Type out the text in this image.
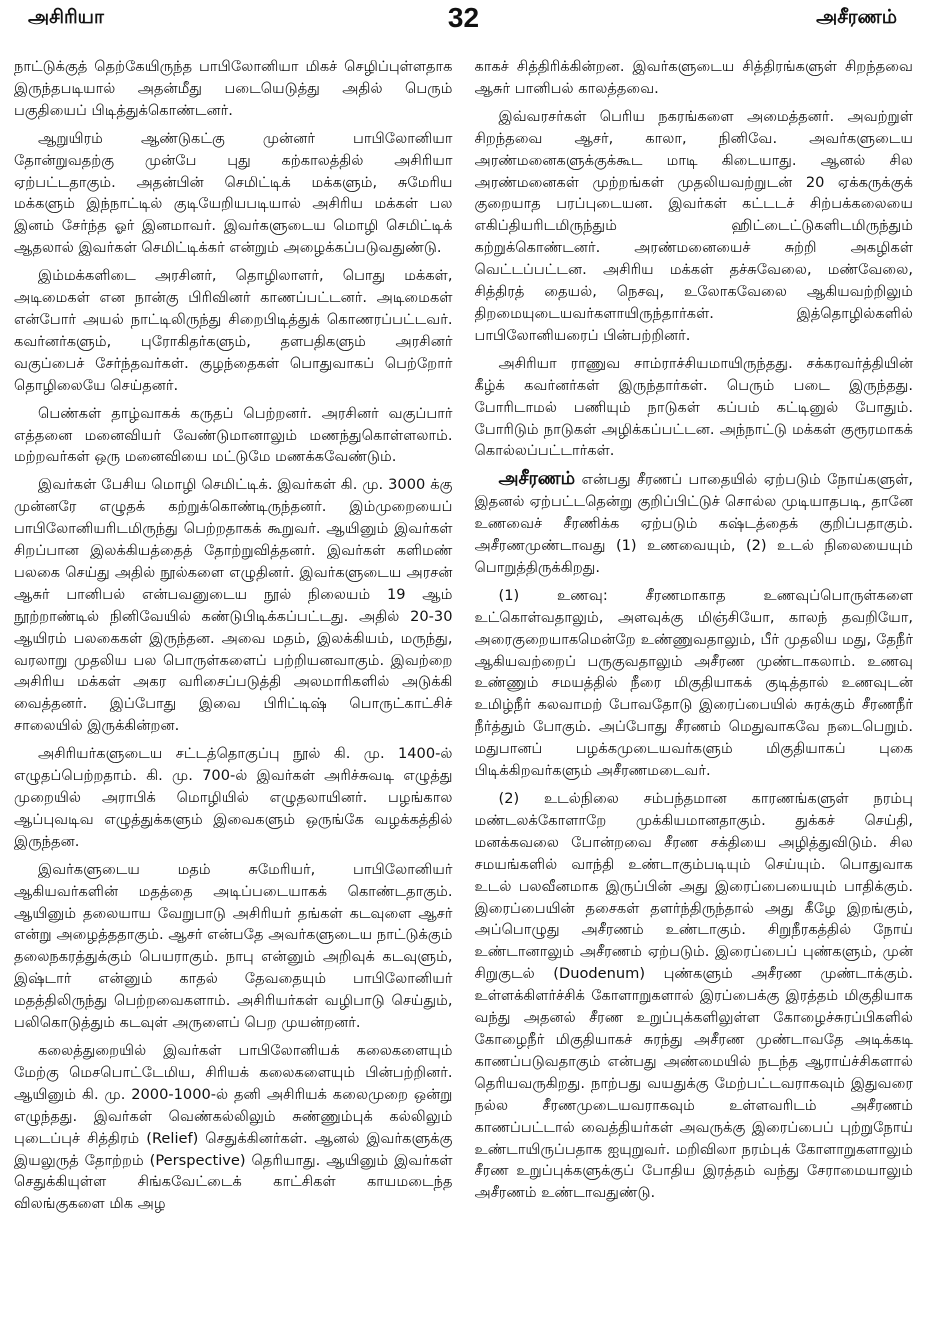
அசிரியா	32	அசீரணம்

நாட்டுக்குத் தெற்கேயிருந்த பாபிலோனியா மிகச் செழிப்புள்ளதாக இருந்தபடியால் அதன்மீது படையெடுத்து அதில் பெரும் பகுதியைப் பிடித்துக்கொண்டனர்.

ஆறுயிரம் ஆண்டுகட்கு முன்னர் பாபிலோனியா தோன்றுவதற்கு முன்பே புது கற்காலத்தில் அசிரியா ஏற்பட்டதாகும். அதன்பின் செமிட்டிக் மக்களும், சுமேரிய மக்களும் இந்நாட்டில் குடியேறியபடியால் அசிரிய மக்கள் பல இனம் சேர்ந்த ஓர் இனமாவர். இவர்களுடைய மொழி செமிட்டிக் ஆதலால் இவர்கள் செமிட்டிக்கர் என்றும் அழைக்கப்படுவதுண்டு.

இம்மக்களிடை அரசினர், தொழிலாளர், பொது மக்கள், அடிமைகள் என நான்கு பிரிவினர் காணப்பட்டனர். அடிமைகள் என்போர் அயல் நாட்டிலிருந்து சிறைபிடித்துக் கொணரப்பட்டவர். கவர்னர்களும், புரோகிதர்களும், தளபதிகளும் அரசினர் வகுப்பைச் சேர்ந்தவர்கள். குழந்தைகள் பொதுவாகப் பெற்றோர் தொழிலையே செய்தனர்.

பெண்கள் தாழ்வாகக் கருதப் பெற்றனர். அரசினர் வகுப்பார் எத்தனை மனைவியர் வேண்டுமானாலும் மணந்துகொள்ளலாம். மற்றவர்கள் ஒரு மனைவியை மட்டுமே மணக்கவேண்டும்.

இவர்கள் பேசிய மொழி செமிட்டிக். இவர்கள் கி. மு. 3000 க்கு முன்னரே எழுதக் கற்றுக்கொண்டிருந்தனர். இம்முறையைப் பாபிலோனியரிடமிருந்து பெற்றதாகக் கூறுவர். ஆயினும் இவர்கள் சிறப்பான இலக்கியத்தைத் தோற்றுவித்தனர். இவர்கள் களிமண் பலகை செய்து அதில் நூல்களை எழுதினர். இவர்களுடைய அரசன் ஆசுர் பானிபல் என்பவனுடைய நூல் நிலையம் 19 ஆம் நூற்றாண்டில் நினிவேயில் கண்டுபிடிக்கப்பட்டது. அதில் 20-30 ஆயிரம் பலகைகள் இருந்தன. அவை மதம், இலக்கியம், மருந்து, வரலாறு முதலிய பல பொருள்களைப் பற்றியனவாகும். இவற்றை அசிரிய மக்கள் அகர வரிசைப்படுத்தி அலமாரிகளில் அடுக்கி வைத்தனர். இப்போது இவை பிரிட்டிஷ் பொருட்காட்சிச் சாலையில் இருக்கின்றன.

அசிரியர்களுடைய சட்டத்தொகுப்பு நூல் கி. மு. 1400-ல் எழுதப்பெற்றதாம். கி. மு. 700-ல் இவர்கள் அரிச்சுவடி எழுத்து முறையில் அராபிக் மொழியில் எழுதலாயினர். பழங்கால ஆப்புவடிவ எழுத்துக்களும் இவைகளும் ஒருங்கே வழக்கத்தில் இருந்தன.

இவர்களுடைய மதம் சுமேரியர், பாபிலோனியர் ஆகியவர்களின் மதத்தை அடிப்படையாகக் கொண்டதாகும். ஆயினும் தலையாய வேறுபாடு அசிரியர் தங்கள் கடவுளை ஆசர் என்று அழைத்ததாகும். ஆசர் என்பதே அவர்களுடைய நாட்டுக்கும் தலைநகரத்துக்கும் பெயராகும். நாபு என்னும் அறிவுக் கடவுளும், இஷ்டார் என்னும் காதல் தேவதையும் பாபிலோனியர் மதத்திலிருந்து பெற்றவைகளாம். அசிரியர்கள் வழிபாடு செய்தும், பலிகொடுத்தும் கடவுள் அருளைப் பெற முயன்றனர்.

கலைத்துறையில் இவர்கள் பாபிலோனியக் கலைகளையும் மேற்கு மெசபொட்டேமிய, சிரியக் கலைகளையும் பின்பற்றினர். ஆயினும் கி. மு. 2000-1000-ல் தனி அசிரியக் கலைமுறை ஒன்று எழுந்தது. இவர்கள் வெண்கல்லிலும் சுண்ணும்புக் கல்லிலும் புடைப்புச் சித்திரம் (Relief) செதுக்கினர்கள். ஆனல் இவர்களுக்கு இயலுருத் தோற்றம் (Perspective) தெரியாது. ஆயினும் இவர்கள் செதுக்கியுள்ள சிங்கவேட்டைக் காட்சிகள் காயமடைந்த விலங்குகளை மிக அழ

காகச் சித்திரிக்கின்றன. இவர்களுடைய சித்திரங்களுள் சிறந்தவை ஆசுர் பானிபல் காலத்தவை.

இவ்வரசர்கள் பெரிய நகரங்களை அமைத்தனர். அவற்றுள் சிறந்தவை ஆசர், காலா, நினிவே. அவர்களுடைய அரண்மனைகளுக்குக்கூட மாடி கிடையாது. ஆனல் சில அரண்மனைகள் முற்றங்கள் முதலியவற்றுடன் 20 ஏக்கருக்குக் குறையாத பரப்புடையன. இவர்கள் கட்டடச் சிற்பக்கலையை எகிப்தியரிடமிருந்தும் ஹிட்டைட்டுகளிடமிருந்தும் கற்றுக்கொண்டனர். அரண்மனையைச் சுற்றி அகழிகள் வெட்டப்பட்டன. அசிரிய மக்கள் தச்சுவேலை, மண்வேலை, சித்திரத் தையல், நெசவு, உலோகவேலை ஆகியவற்றிலும் திறமையுடையவர்களாயிருந்தார்கள். இத்தொழில்களில் பாபிலோனியரைப் பின்பற்றினர்.

அசிரியா ராணுவ சாம்ராச்சியமாயிருந்தது. சக்கரவர்த்தியின் கீழ்க் கவர்னர்கள் இருந்தார்கள். பெரும் படை இருந்தது. போரிடாமல் பணியும் நாடுகள் கப்பம் கட்டினுல் போதும். போரிடும் நாடுகள் அழிக்கப்பட்டன. அந்நாட்டு மக்கள் குரூரமாகக் கொல்லப்பட்டார்கள்.

அசீரணம் என்பது சீரணப் பாதையில் ஏற்படும் நோய்களுள், இதனல் ஏற்பட்டதென்று குறிப்பிட்டுச் சொல்ல முடியாதபடி, தானே உணவைச் சீரணிக்க ஏற்படும் கஷ்டத்தைக் குறிப்பதாகும். அசீரணமுண்டாவது (1) உணவையும், (2) உடல் நிலையையும் பொறுத்திருக்கிறது.

(1) உணவு: சீரணமாகாத உணவுப்பொருள்களை உட்கொள்வதாலும், அளவுக்கு மிஞ்சியோ, காலந் தவறியோ, அரைகுறையாகமென்றே உண்ணுவதாலும், பீர் முதலிய மது, தேநீர் ஆகியவற்றைப் பருகுவதாலும் அசீரண முண்டாகலாம். உணவு உண்ணும் சமயத்தில் நீரை மிகுதியாகக் குடித்தால் உணவுடன் உமிழ்நீர் கலவாமற் போவதோடு இரைப்பையில் சுரக்கும் சீரணநீர் நீர்த்தும் போகும். அப்போது சீரணம் மெதுவாகவே நடைபெறும். மதுபானப் பழக்கமுடையவர்களும் மிகுதியாகப் புகை பிடிக்கிறவர்களும் அசீரணமடைவர்.

(2) உடல்நிலை சம்பந்தமான காரணங்களுள் நரம்பு மண்டலக்கோளாறே முக்கியமானதாகும். துக்கச் செய்தி, மனக்கவலை போன்றவை சீரண சக்தியை அழித்துவிடும். சில சமயங்களில் வாந்தி உண்டாகும்படியும் செய்யும். பொதுவாக உடல் பலவீனமாக இருப்பின் அது இரைப்பையையும் பாதிக்கும். இரைப்பையின் தசைகள் தளர்ந்திருந்தால் அது கீழே இறங்கும், அப்பொழுது அசீரணம் உண்டாகும். சிறுநீரகத்தில் நோய் உண்டானாலும் அசீரணம் ஏற்படும். இரைப்பைப் புண்களும், முன் சிறுகுடல் (Duodenum) புண்களும் அசீரண முண்டாக்கும். உள்ளக்கிளர்ச்சிக் கோளாறுகளால் இரப்பைக்கு இரத்தம் மிகுதியாக வந்து அதனல் சீரண உறுப்புக்களிலுள்ள கோழைச்சுரப்பிகளில் கோழைநீர் மிகுதியாகச் சுரந்து அசீரண முண்டாவதே அடிக்கடி காணப்படுவதாகும் என்பது அண்மையில் நடந்த ஆராய்ச்சிகளால் தெரியவருகிறது. நாற்பது வயதுக்கு மேற்பட்டவராகவும் இதுவரை நல்ல சீரணமுடையவராகவும் உள்ளவரிடம் அசீரணம் காணப்பட்டால் வைத்தியர்கள் அவருக்கு இரைப்பைப் புற்றுநோய் உண்டாயிருப்பதாக ஐயுறுவர். மறிவிலா நரம்புக் கோளாறுகளாலும் சீரண உறுப்புக்களுக்குப் போதிய இரத்தம் வந்து சேராமையாலும் அசீரணம் உண்டாவதுண்டு.
